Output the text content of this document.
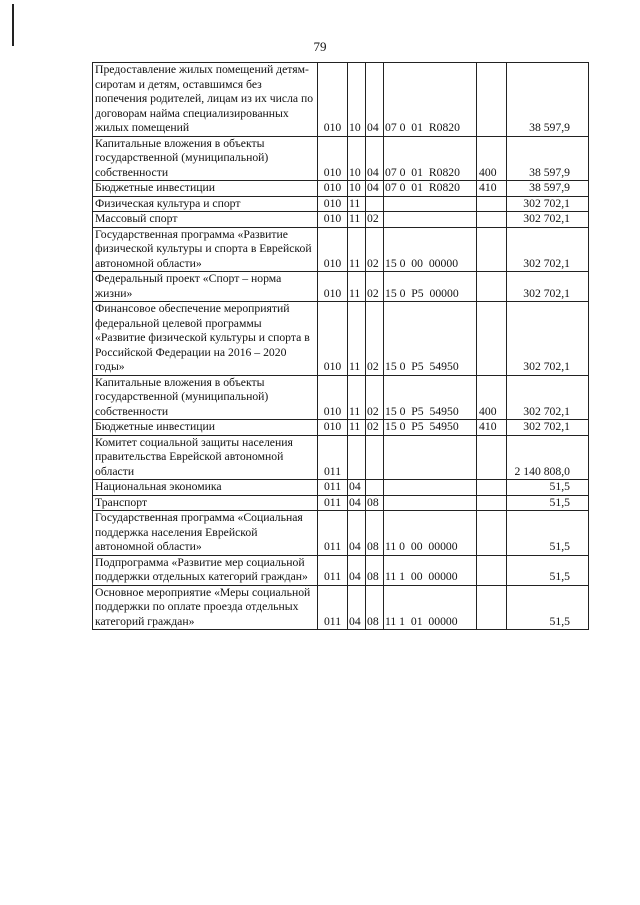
79
Предоставление жилых помещений детям-сиротам и детям, оставшимся без попечения родителей, лицам из их числа по договорам найма специализированных жилых помещений	010	10	04	07 0  01  R0820		38 597,9
Капитальные вложения в объекты государственной (муниципальной) собственности	010	10	04	07 0  01  R0820	400	38 597,9
Бюджетные инвестиции	010	10	04	07 0  01  R0820	410	38 597,9
Физическая культура и спорт	010	11				302 702,1
Массовый спорт	010	11	02			302 702,1
Государственная программа «Развитие физической культуры и спорта в Еврейской автономной области»	010	11	02	15 0  00  00000		302 702,1
Федеральный проект «Спорт – норма жизни»	010	11	02	15 0  P5  00000		302 702,1
Финансовое обеспечение мероприятий федеральной целевой программы «Развитие физической культуры и спорта в Российской Федерации на 2016 – 2020 годы»	010	11	02	15 0  P5  54950		302 702,1
Капитальные вложения в объекты государственной (муниципальной) собственности	010	11	02	15 0  P5  54950	400	302 702,1
Бюджетные инвестиции	010	11	02	15 0  P5  54950	410	302 702,1
Комитет социальной защиты населения правительства Еврейской автономной области	011					2 140 808,0
Национальная экономика	011	04				51,5
Транспорт	011	04	08			51,5
Государственная программа «Социальная поддержка населения Еврейской автономной области»	011	04	08	11 0  00  00000		51,5
Подпрограмма «Развитие мер социальной поддержки отдельных категорий граждан»	011	04	08	11 1  00  00000		51,5
Основное мероприятие «Меры социальной поддержки по оплате проезда отдельных категорий граждан»	011	04	08	11 1  01  00000		51,5
